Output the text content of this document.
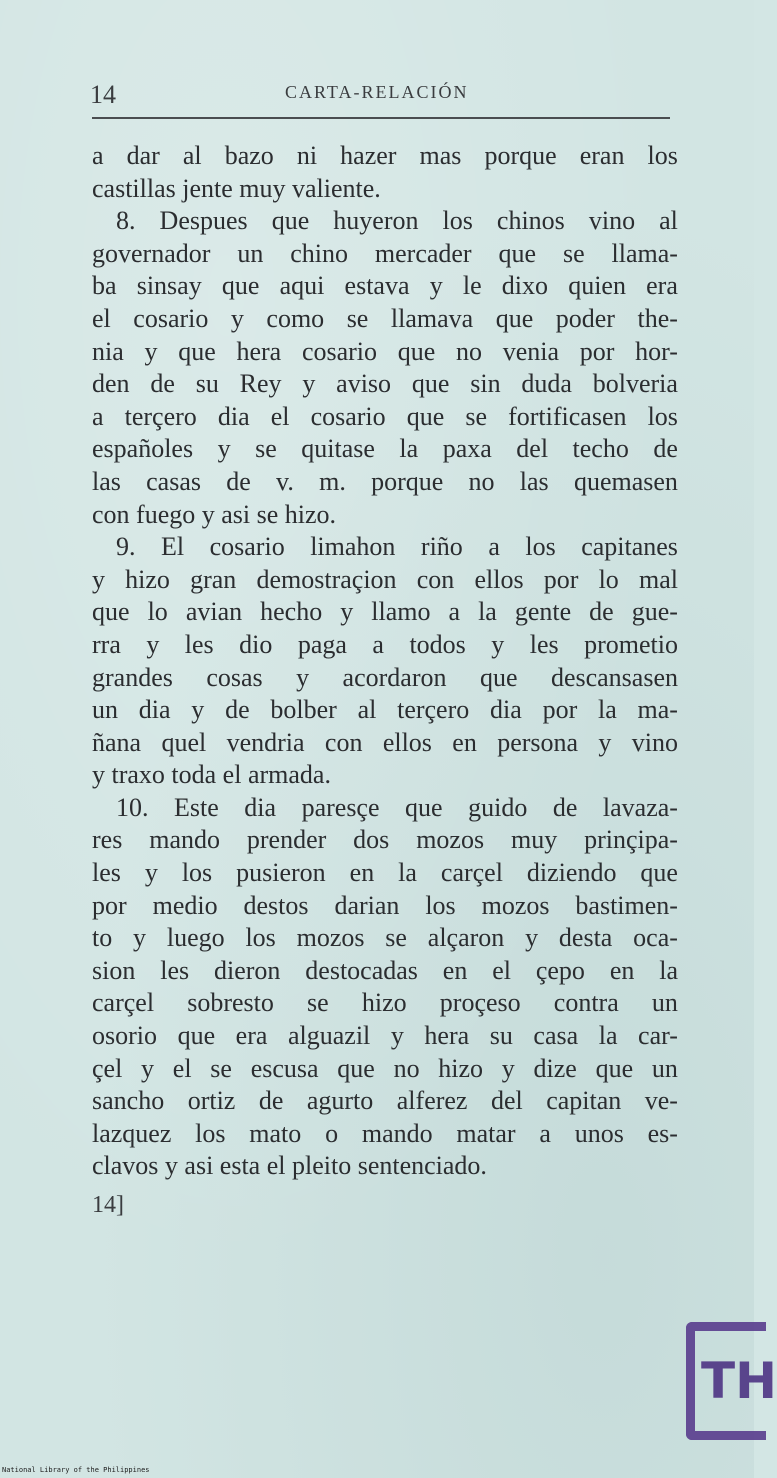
14	CARTA-RELACIÓN
a dar al bazo ni hazer mas porque eran los
castillas jente muy valiente.
8. Despues que huyeron los chinos vino al
governador un chino mercader que se llama-
ba sinsay que aqui estava y le dixo quien era
el cosario y como se llamava que poder the-
nia y que hera cosario que no venia por hor-
den de su Rey y aviso que sin duda bolveria
a terçero dia el cosario que se fortificasen los
españoles y se quitase la paxa del techo de
las casas de v. m. porque no las quemasen
con fuego y asi se hizo.
9. El cosario limahon riño a los capitanes
y hizo gran demostraçion con ellos por lo mal
que lo avian hecho y llamo a la gente de gue-
rra y les dio paga a todos y les prometio
grandes cosas y acordaron que descansasen
un dia y de bolber al terçero dia por la ma-
ñana quel vendria con ellos en persona y vino
y traxo toda el armada.
10. Este dia paresçe que guido de lavaza-
res mando prender dos mozos muy prinçipa-
les y los pusieron en la carçel diziendo que
por medio destos darian los mozos bastimen-
to y luego los mozos se alçaron y desta oca-
sion les dieron destocadas en el çepo en la
carçel sobresto se hizo proçeso contra un
osorio que era alguazil y hera su casa la car-
çel y el se escusa que no hizo y dize que un
sancho ortiz de agurto alferez del capitan ve-
lazquez los mato o mando matar a unos es-
clavos y asi esta el pleito sentenciado.
14]
TH
National Library of the Philippines
